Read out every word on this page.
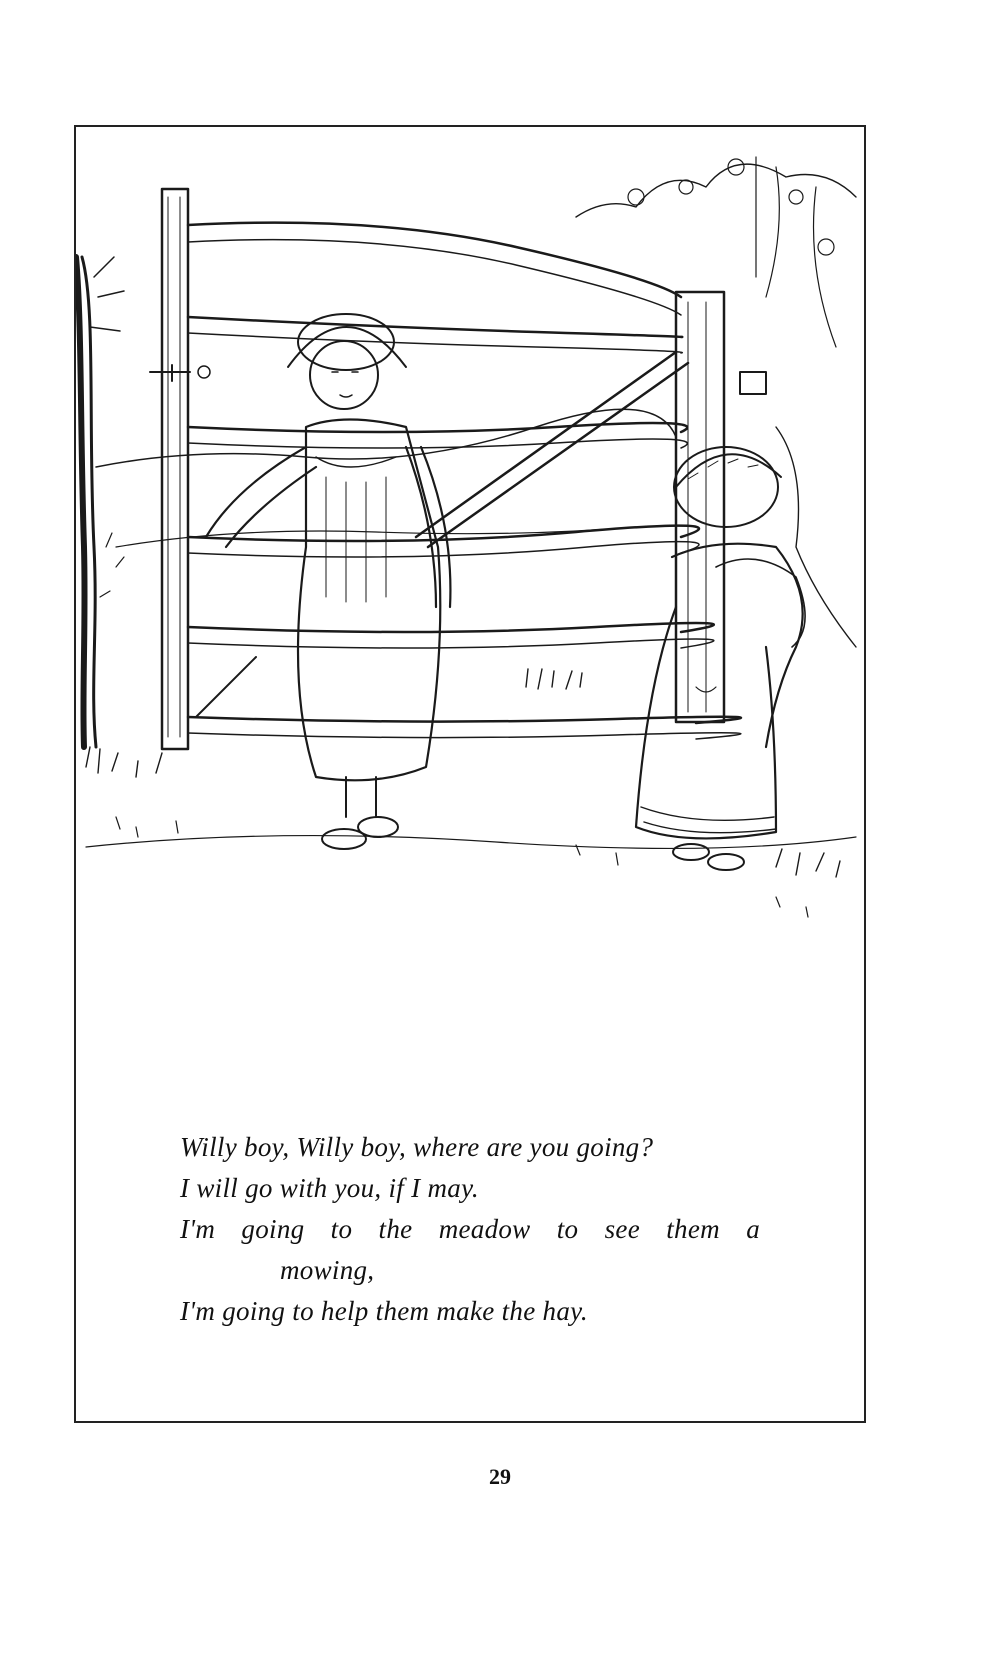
Willy boy, Willy boy, where are you going?
I will go with you, if I may.
I'm going to the meadow to see them a
mowing,
I'm going to help them make the hay.
29
